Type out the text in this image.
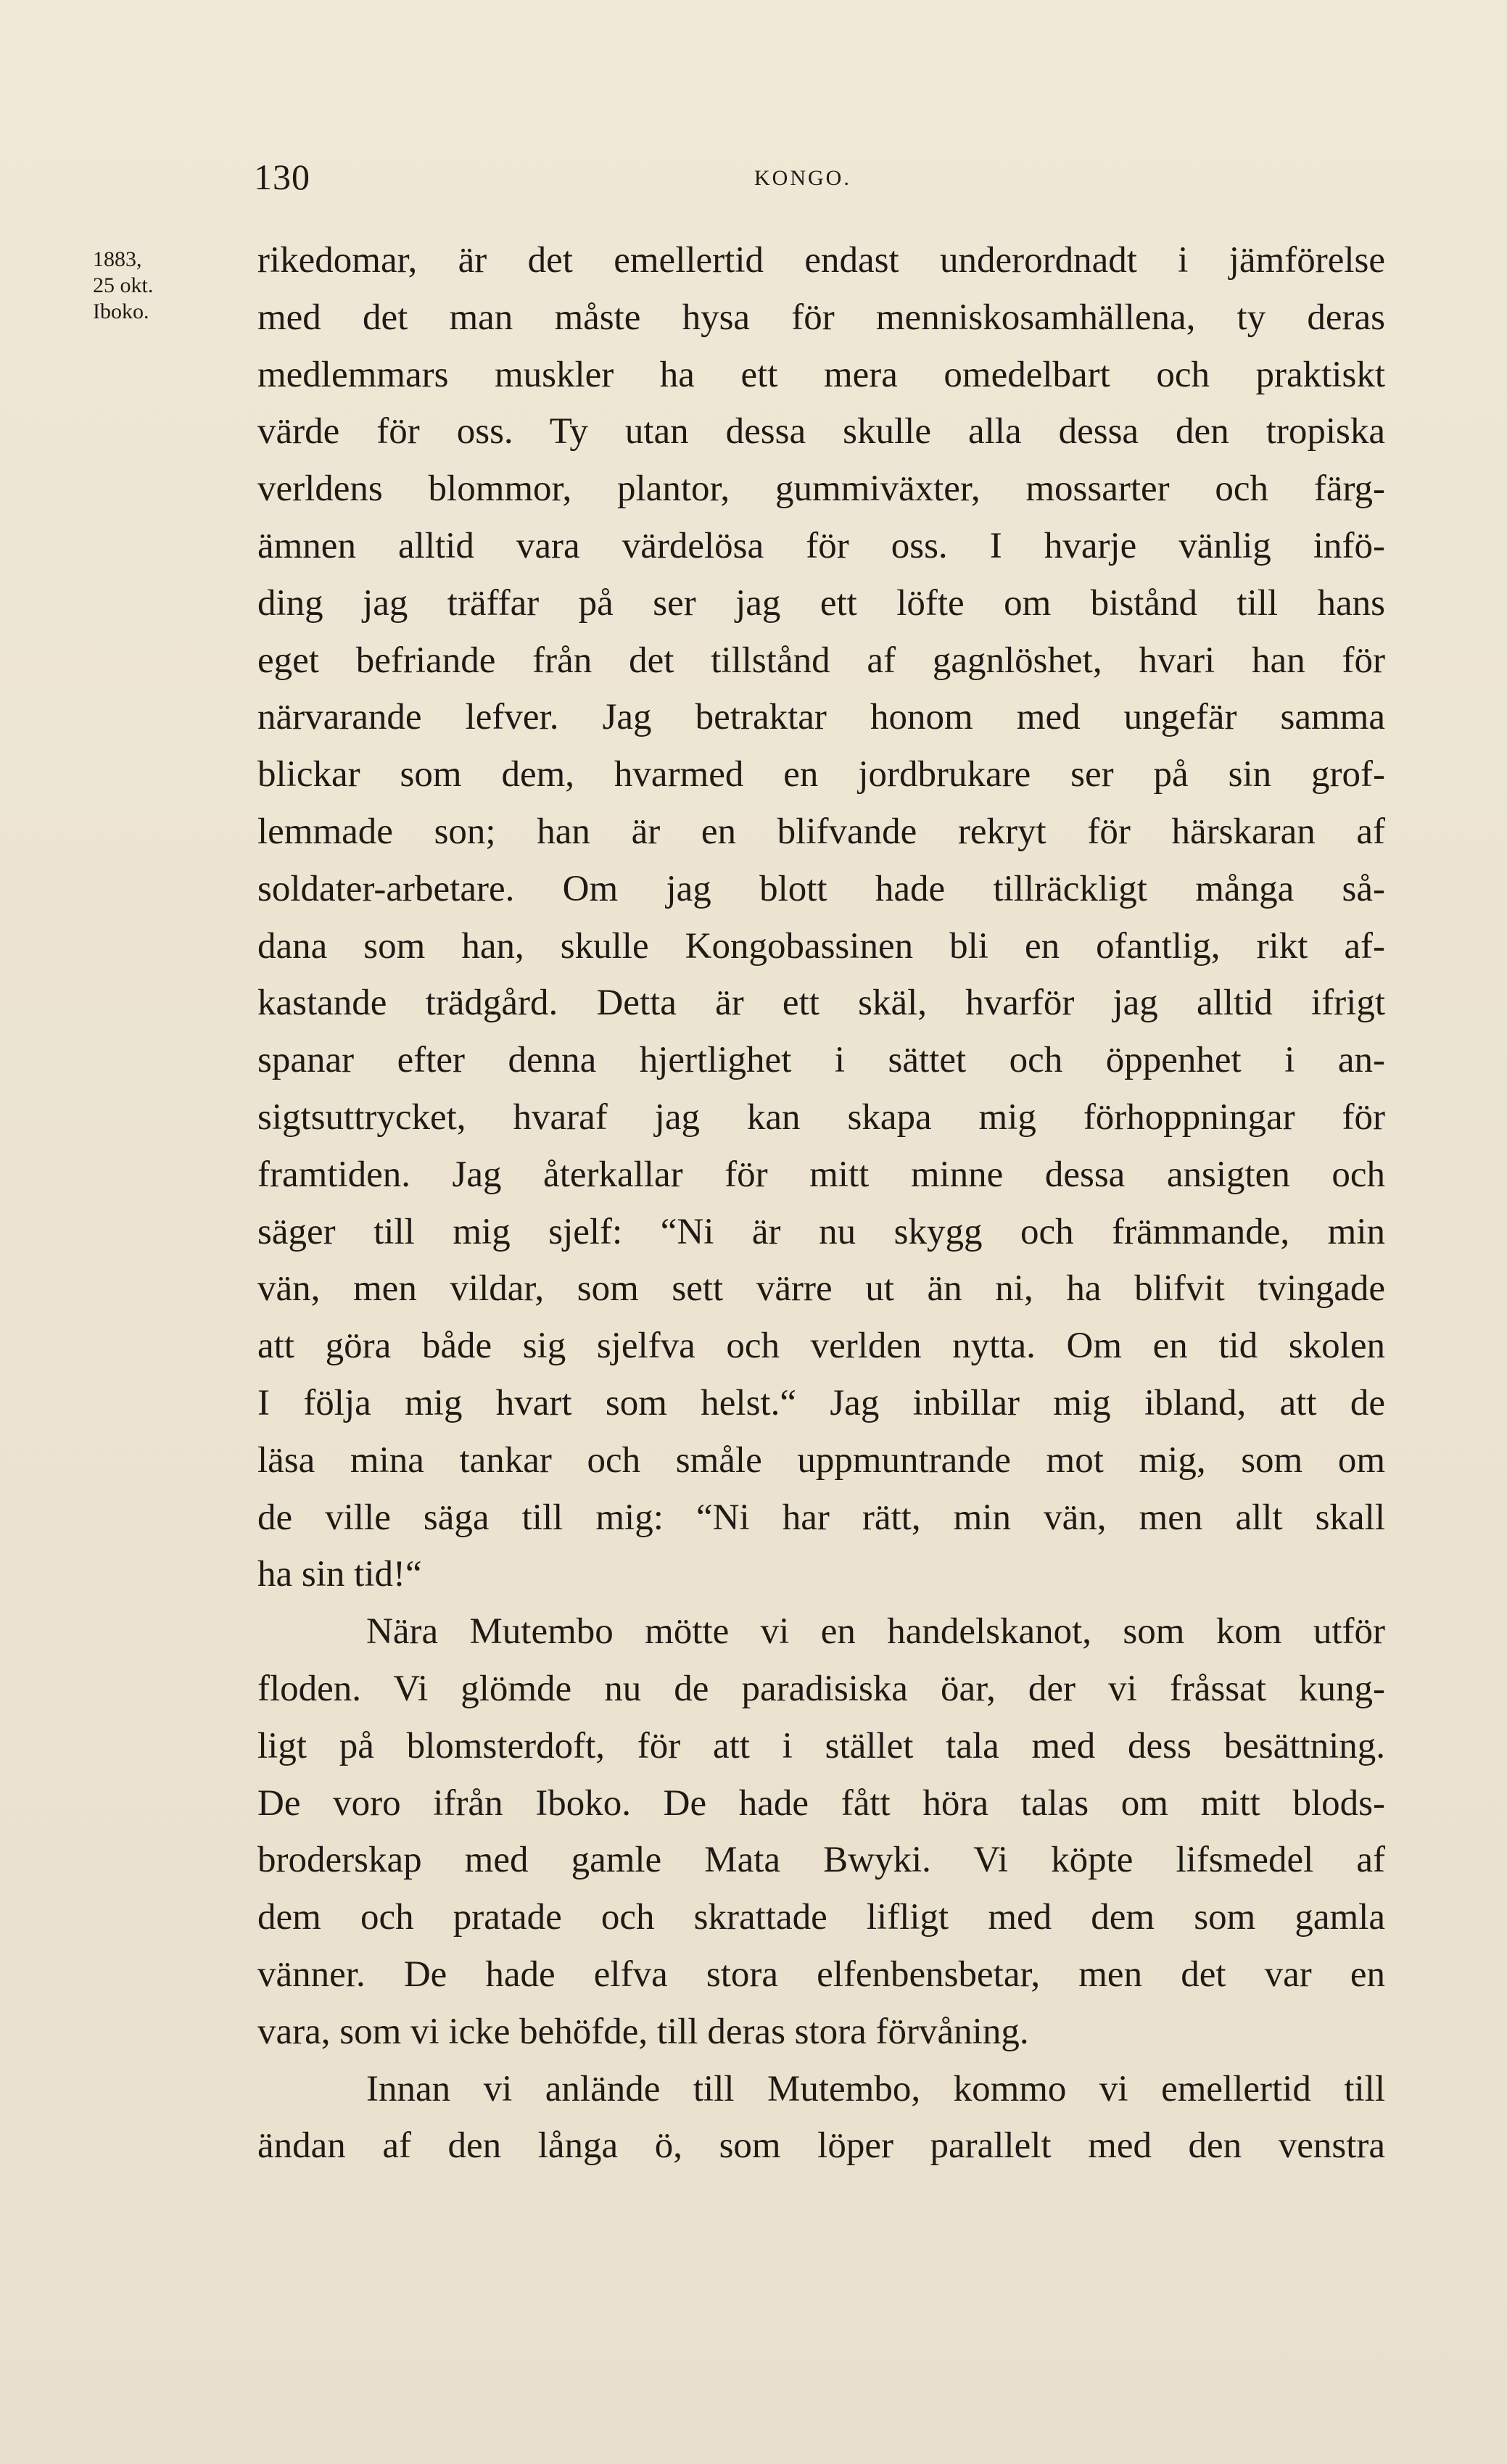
130	KONGO.
1883,
25 okt.
Iboko.
rikedomar, är det emellertid endast underordnadt i jämförelse
med det man måste hysa för menniskosamhällena, ty deras
medlemmars muskler ha ett mera omedelbart och praktiskt
värde för oss. Ty utan dessa skulle alla dessa den tropiska
verldens blommor, plantor, gummiväxter, mossarter och färg-
ämnen alltid vara värdelösa för oss. I hvarje vänlig infö-
ding jag träffar på ser jag ett löfte om bistånd till hans
eget befriande från det tillstånd af gagnlöshet, hvari han för
närvarande lefver. Jag betraktar honom med ungefär samma
blickar som dem, hvarmed en jordbrukare ser på sin grof-
lemmade son; han är en blifvande rekryt för härskaran af
soldater-arbetare. Om jag blott hade tillräckligt många så-
dana som han, skulle Kongobassinen bli en ofantlig, rikt af-
kastande trädgård. Detta är ett skäl, hvarför jag alltid ifrigt
spanar efter denna hjertlighet i sättet och öppenhet i an-
sigtsuttrycket, hvaraf jag kan skapa mig förhoppningar för
framtiden. Jag återkallar för mitt minne dessa ansigten och
säger till mig sjelf: “Ni är nu skygg och främmande, min
vän, men vildar, som sett värre ut än ni, ha blifvit tvingade
att göra både sig sjelfva och verlden nytta. Om en tid skolen
I följa mig hvart som helst.“ Jag inbillar mig ibland, att de
läsa mina tankar och småle uppmuntrande mot mig, som om
de ville säga till mig: “Ni har rätt, min vän, men allt skall
ha sin tid!“
Nära Mutembo mötte vi en handelskanot, som kom utför
floden. Vi glömde nu de paradisiska öar, der vi fråssat kung-
ligt på blomsterdoft, för att i stället tala med dess besättning.
De voro ifrån Iboko. De hade fått höra talas om mitt blods-
broderskap med gamle Mata Bwyki. Vi köpte lifsmedel af
dem och pratade och skrattade lifligt med dem som gamla
vänner. De hade elfva stora elfenbensbetar, men det var en
vara, som vi icke behöfde, till deras stora förvåning.
Innan vi anlände till Mutembo, kommo vi emellertid till
ändan af den långa ö, som löper parallelt med den venstra
